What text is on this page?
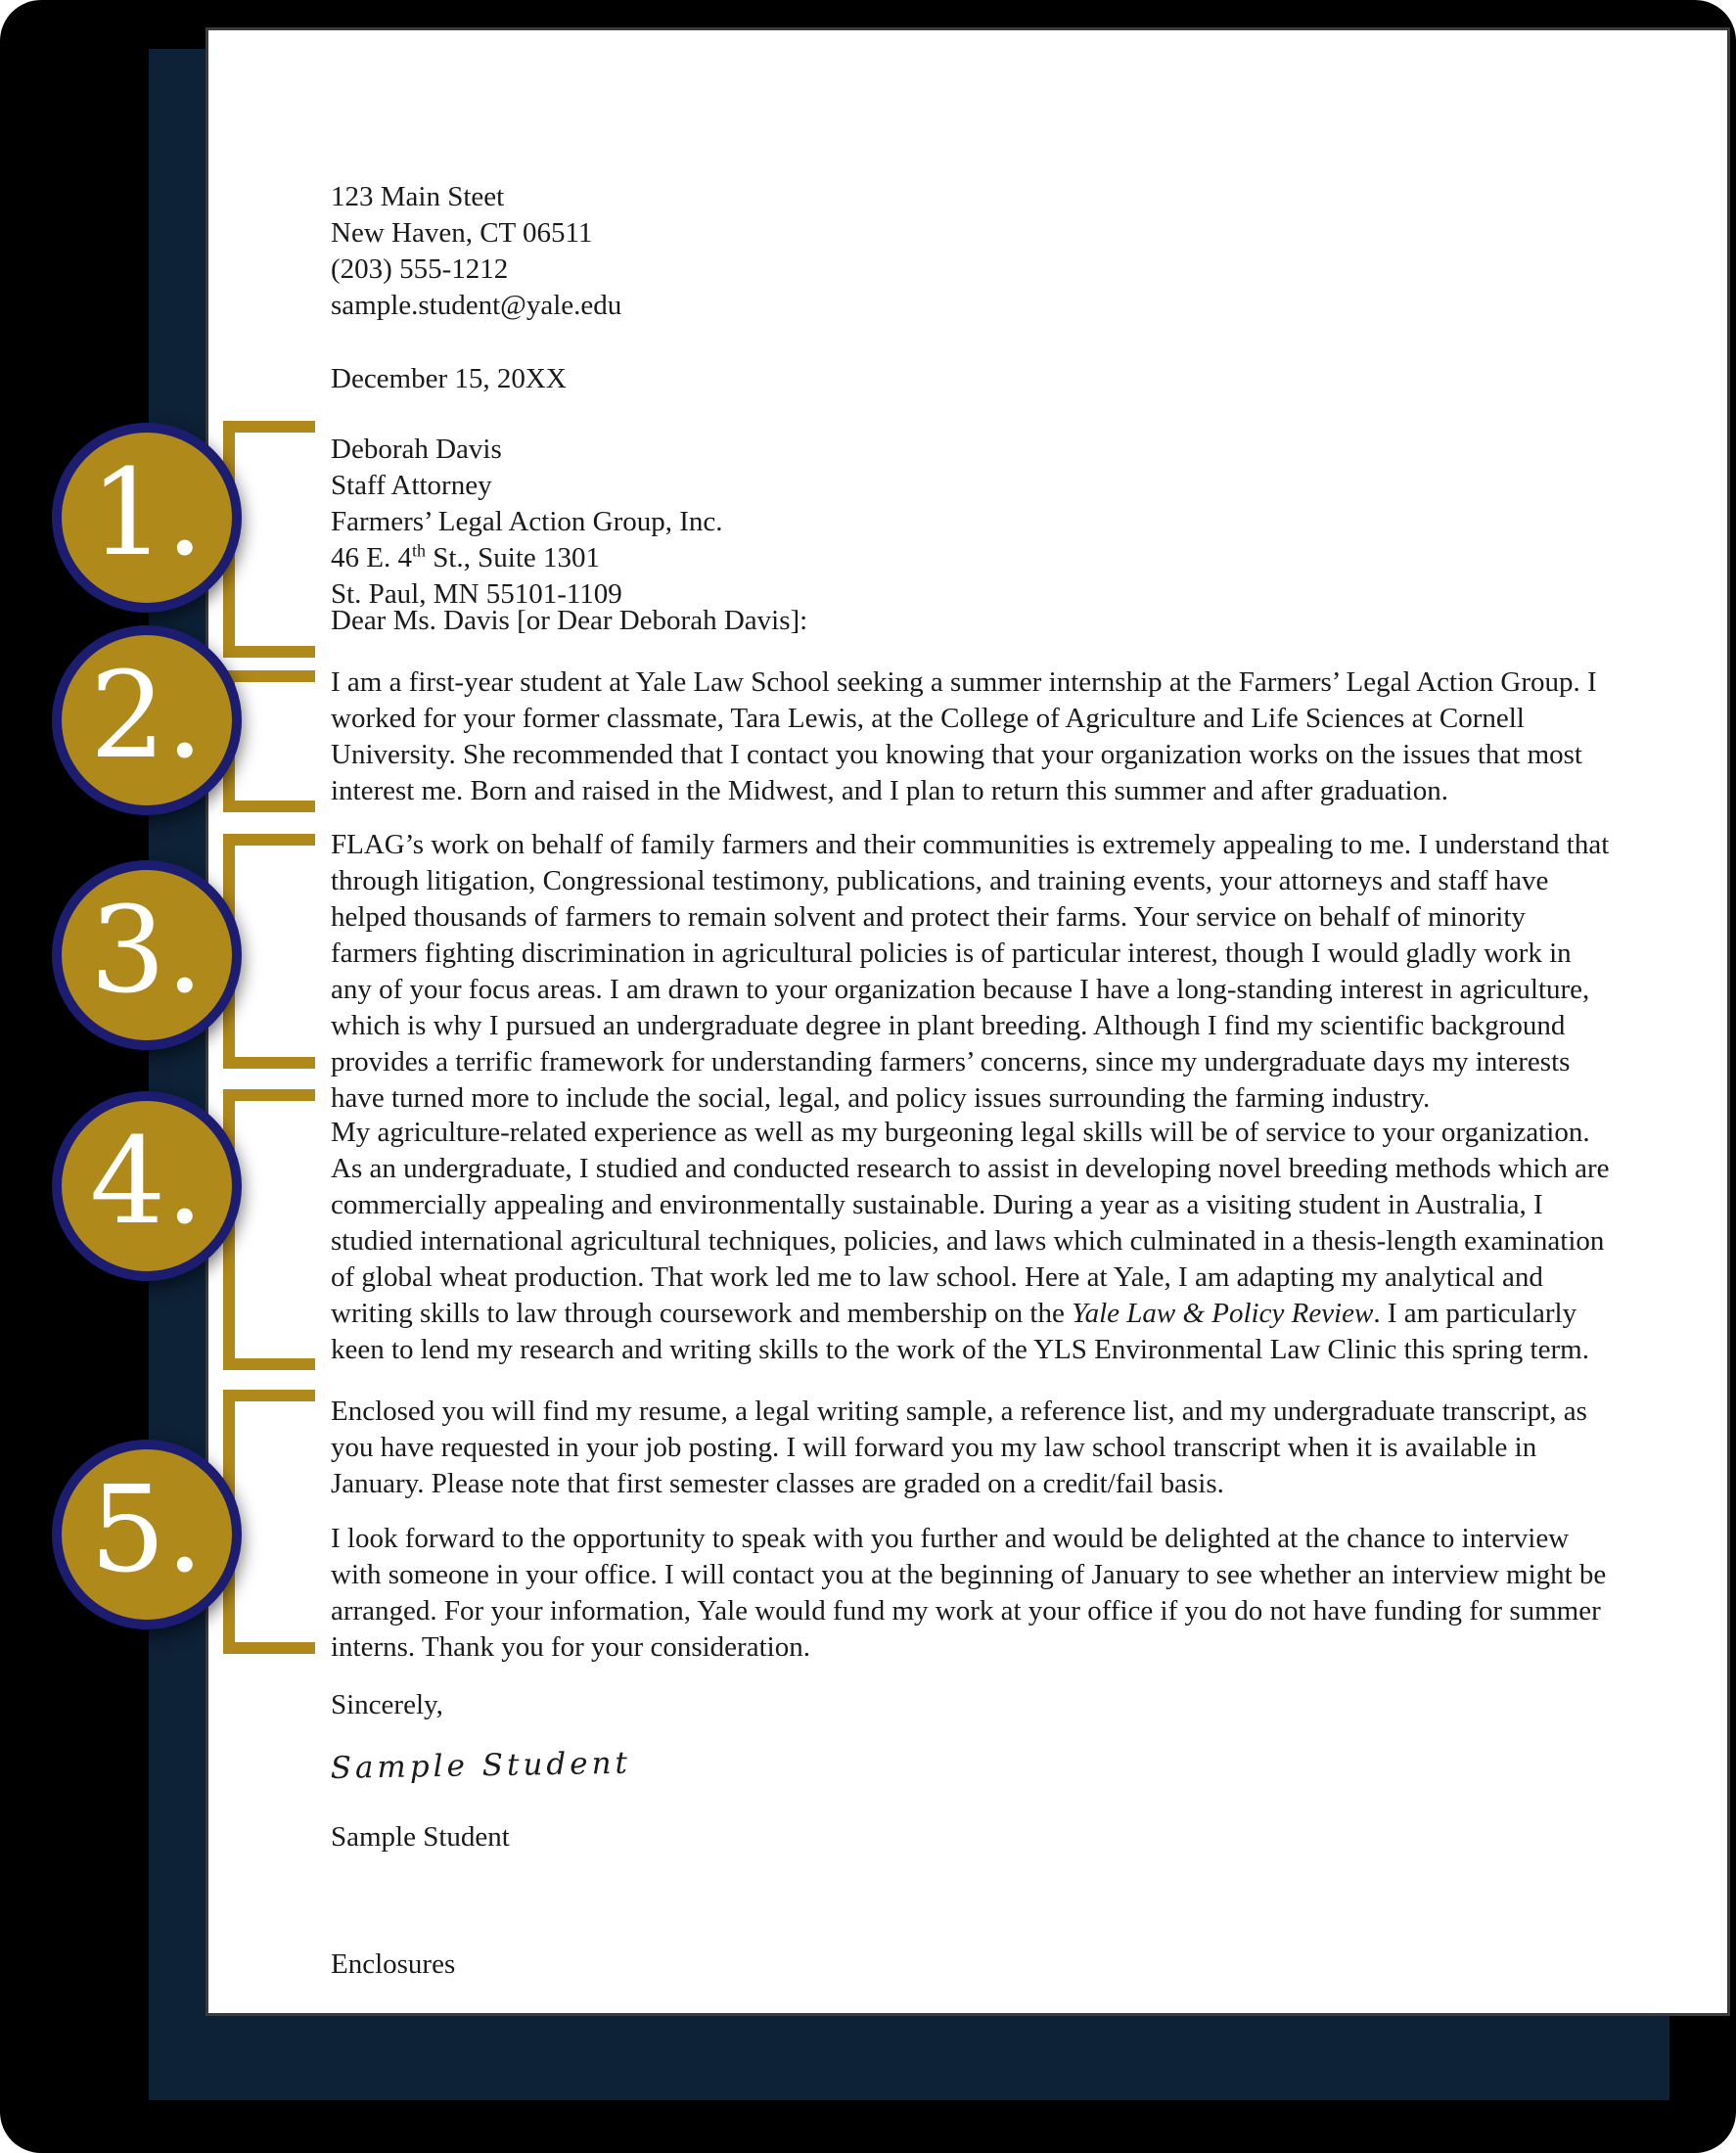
123 Main Steet
New Haven, CT 06511
(203) 555-1212
sample.student@yale.edu
December 15, 20XX
Deborah Davis
Staff Attorney
Farmers’ Legal Action Group, Inc.
46 E. 4th St., Suite 1301
St. Paul, MN 55101-1109
Dear Ms. Davis [or Dear Deborah Davis]:
I am a first-year student at Yale Law School seeking a summer internship at the Farmers’ Legal Action Group. I worked for your former classmate, Tara Lewis, at the College of Agriculture and Life Sciences at Cornell University. She recommended that I contact you knowing that your organization works on the issues that most interest me. Born and raised in the Midwest, and I plan to return this summer and after graduation.
FLAG’s work on behalf of family farmers and their communities is extremely appealing to me. I understand that through litigation, Congressional testimony, publications, and training events, your attorneys and staff have helped thousands of farmers to remain solvent and protect their farms. Your service on behalf of minority farmers fighting discrimination in agricultural policies is of particular interest, though I would gladly work in any of your focus areas. I am drawn to your organization because I have a long-standing interest in agriculture, which is why I pursued an undergraduate degree in plant breeding. Although I find my scientific background provides a terrific framework for understanding farmers’ concerns, since my undergraduate days my interests have turned more to include the social, legal, and policy issues surrounding the farming industry.
My agriculture-related experience as well as my burgeoning legal skills will be of service to your organization. As an undergraduate, I studied and conducted research to assist in developing novel breeding methods which are commercially appealing and environmentally sustainable. During a year as a visiting student in Australia, I studied international agricultural techniques, policies, and laws which culminated in a thesis-length examination of global wheat production. That work led me to law school. Here at Yale, I am adapting my analytical and writing skills to law through coursework and membership on the Yale Law & Policy Review. I am particularly keen to lend my research and writing skills to the work of the YLS Environmental Law Clinic this spring term.
Enclosed you will find my resume, a legal writing sample, a reference list, and my undergraduate transcript, as you have requested in your job posting. I will forward you my law school transcript when it is available in January. Please note that first semester classes are graded on a credit/fail basis.
I look forward to the opportunity to speak with you further and would be delighted at the chance to interview with someone in your office. I will contact you at the beginning of January to see whether an interview might be arranged. For your information, Yale would fund my work at your office if you do not have funding for summer interns. Thank you for your consideration.
Sincerely,
Sample Student
Sample Student
Enclosures
1.
2.
3.
4.
5.
